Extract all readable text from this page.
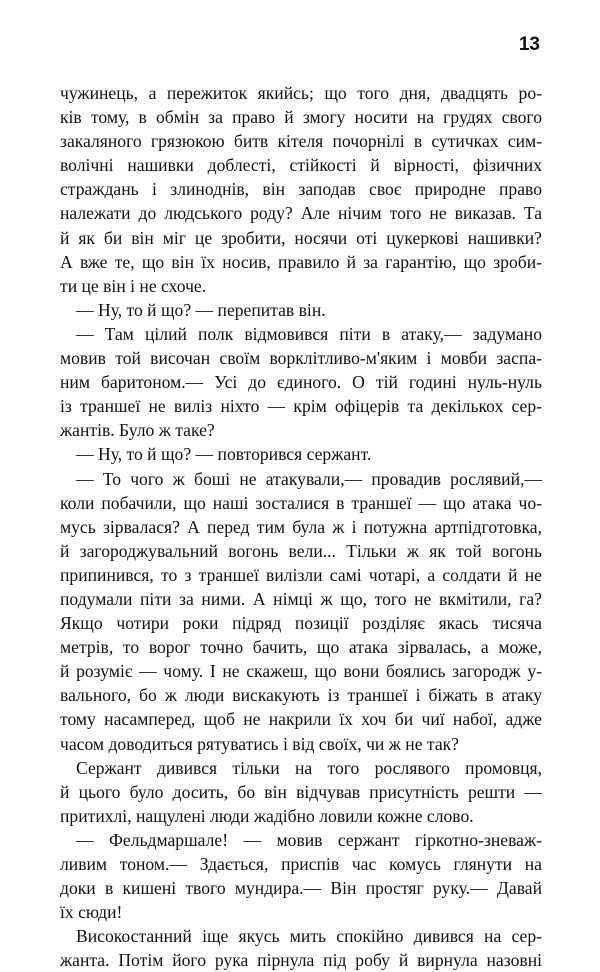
13
чужинець, а пережиток якийсь; що того дня, двадцять ро-
ків тому, в обмін за право й змогу носити на грудях свого
закаляного грязюкою битв кітеля почорнілі в сутичках сим-
волічні нашивки доблесті, стійкості й вірності, фізичних
страждань і злиноднів, він заподав своє природне право
належати до людського роду? Але нічим того не виказав. Та
й як би він міг це зробити, носячи оті цукеркові нашивки?
А вже те, що він їх носив, правило й за гарантію, що зроби-
ти це він і не схоче.
— Ну, то й що? — перепитав він.
— Там цілий полк відмовився піти в атаку,— задумано
мовив той височан своїм ворклітливо-м'яким і мовби заспа-
ним баритоном.— Усі до єдиного. О тій годині нуль-нуль
із траншеї не виліз ніхто — крім офіцерів та декількох сер-
жантів. Було ж таке?
— Ну, то й що? — повторився сержант.
— То чого ж боші не атакували,— провадив рослявий,—
коли побачили, що наші зосталися в траншеї — що атака чо-
мусь зірвалася? А перед тим була ж і потужна артпідготовка,
й загороджувальний вогонь вели... Тільки ж як той вогонь
припинився, то з траншеї вилізли самі чотарі, а солдати й не
подумали піти за ними. А німці ж що, того не вкмітили, га?
Якщо чотири роки підряд позиції розділяє якась тисяча
метрів, то ворог точно бачить, що атака зірвалась, а може,
й розуміє — чому. І не скажеш, що вони боялись загородж у-
вального, бо ж люди вискакують із траншеї і біжать в атаку
тому насамперед, щоб не накрили їх хоч би чиї набої, адже
часом доводиться рятуватись і від своїх, чи ж не так?
Сержант дивився тільки на того рослявого промовця,
й цього було досить, бо він відчував присутність решти —
притихлі, нащулені люди жадібно ловили кожне слово.
— Фельдмаршале! — мовив сержант гіркотно-зневаж-
ливим тоном.— Здається, приспів час комусь глянути на
доки в кишені твого мундира.— Він простяг руку.— Давай
їх сюди!
Високостанний іще якусь мить спокійно дивився на сер-
жанта. Потім його рука пірнула під робу й вирнула назовні
